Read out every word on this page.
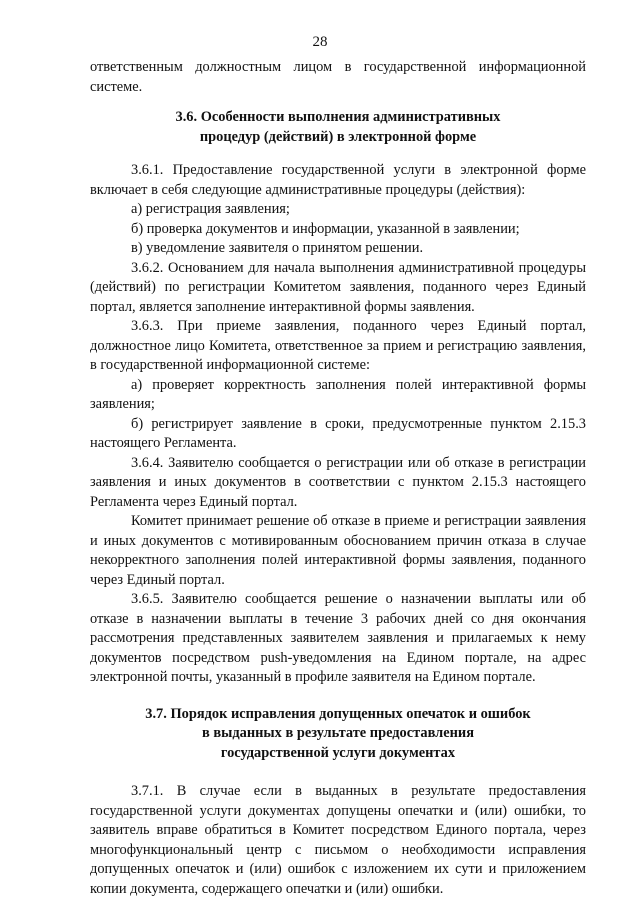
28

ответственным должностным лицом в государственной информационной системе.

3.6. Особенности выполнения административных
процедур (действий) в электронной форме

3.6.1. Предоставление государственной услуги в электронной форме включает в себя следующие административные процедуры (действия):

а) регистрация заявления;

б) проверка документов и информации, указанной в заявлении;

в) уведомление заявителя о принятом решении.

3.6.2. Основанием для начала выполнения административной процедуры (действий) по регистрации Комитетом заявления, поданного через Единый портал, является заполнение интерактивной формы заявления.

3.6.3. При приеме заявления, поданного через Единый портал, должностное лицо Комитета, ответственное за прием и регистрацию заявления, в государственной информационной системе:

а) проверяет корректность заполнения полей интерактивной формы заявления;

б) регистрирует заявление в сроки, предусмотренные пунктом 2.15.3 настоящего Регламента.

3.6.4. Заявителю сообщается о регистрации или об отказе в регистрации заявления и иных документов в соответствии с пунктом 2.15.3 настоящего Регламента через Единый портал.

Комитет принимает решение об отказе в приеме и регистрации заявления и иных документов с мотивированным обоснованием причин отказа в случае некорректного заполнения полей интерактивной формы заявления, поданного через Единый портал.

3.6.5. Заявителю сообщается решение о назначении выплаты или об отказе в назначении выплаты в течение 3 рабочих дней со дня окончания рассмотрения представленных заявителем заявления и прилагаемых к нему документов посредством push-уведомления на Едином портале, на адрес электронной почты, указанный в профиле заявителя на Едином портале.

3.7. Порядок исправления допущенных опечаток и ошибок
в выданных в результате предоставления
государственной услуги документах

3.7.1. В случае если в выданных в результате предоставления государственной услуги документах допущены опечатки и (или) ошибки, то заявитель вправе обратиться в Комитет посредством Единого портала, через многофункциональный центр с письмом о необходимости исправления допущенных опечаток и (или) ошибок с изложением их сути и приложением копии документа, содержащего опечатки и (или) ошибки.
